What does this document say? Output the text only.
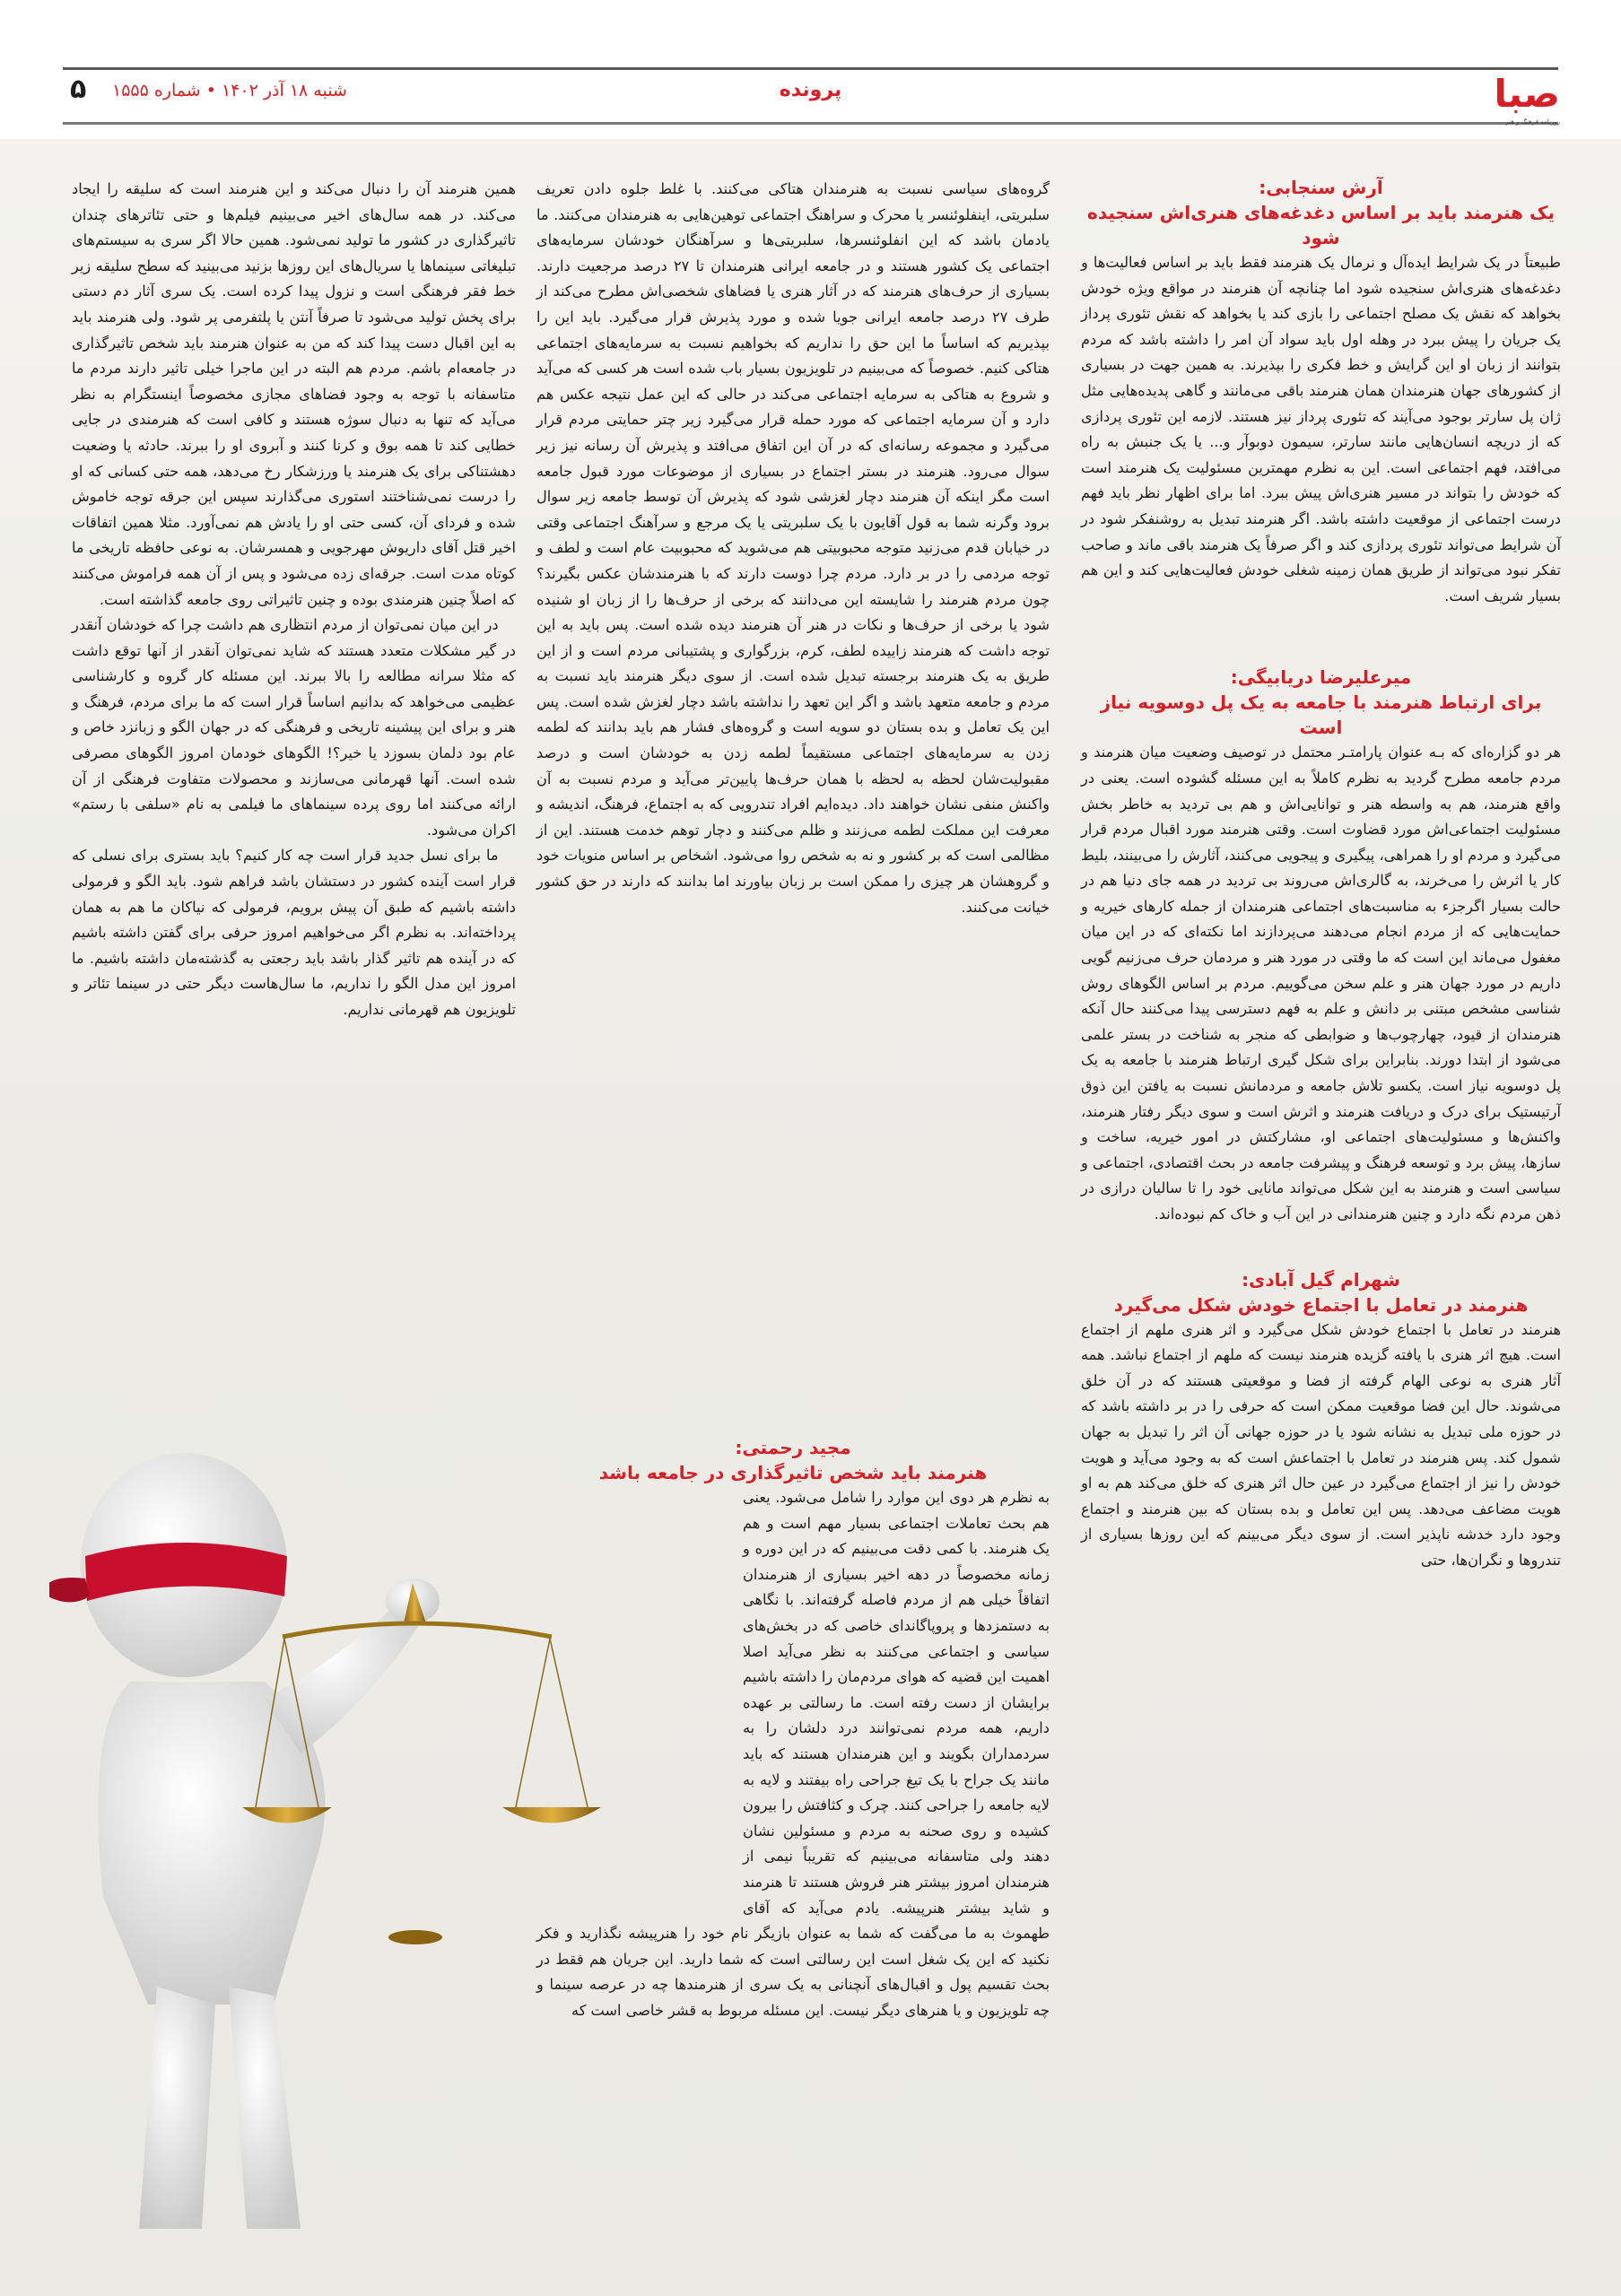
صبا
روزنامه فرهنگ و هنر
پرونده
شنبه ۱۸ آذر ۱۴۰۲ • شماره ۱۵۵۵
۵
آرش سنجابی:
یک هنرمند باید بر اساس دغدغه‌های هنری‌اش سنجیده شود

طبیعتاً در یک شرایط ایده‌آل و نرمال یک هنرمند فقط باید بر اساس فعالیت‌ها و دغدغه‌های هنری‌اش سنجیده شود اما چنانچه آن هنرمند در مواقع ویژه خودش بخواهد که نقش یک مصلح اجتماعی را بازی کند یا بخواهد که نقش تئوری پرداز یک جریان را پیش ببرد در وهله اول باید سواد آن امر را داشته باشد که مردم بتوانند از زبان او این گرایش و خط فکری را بپذیرند. به همین جهت در بسیاری از کشورهای جهان هنرمندان همان هنرمند باقی می‌مانند و گاهی پدیده‌هایی مثل ژان پل سارتر بوجود می‌آیند که تئوری پرداز نیز هستند. لازمه این تئوری پردازی که از دریچه انسان‌هایی مانند سارتر، سیمون دوبوآر و... یا یک جنبش به راه می‌افتد، فهم اجتماعی است. این به نظرم مهمترین مسئولیت یک هنرمند است که خودش را بتواند در مسیر هنری‌اش پیش ببرد. اما برای اظهار نظر باید فهم درست اجتماعی از موقعیت داشته باشد. اگر هنرمند تبدیل به روشنفکر شود در آن شرایط می‌تواند تئوری پردازی کند و اگر صرفاً یک هنرمند باقی ماند و صاحب تفکر نبود می‌تواند از طریق همان زمینه شغلی خودش فعالیت‌هایی کند و این هم بسیار شریف است.

میرعلیرضا دریابیگی:
برای ارتباط هنرمند با جامعه به یک پل دوسویه نیاز است

هر دو گزاره‌ای که بـه عنوان پارامتـر محتمل در توصیف وضعیت میان هنرمند و مردم جامعه مطرح گردید به نظرم کاملاً به این مسئله گشوده است. یعنی در واقع هنرمند، هم به واسطه هنر و توانایی‌اش و هم بی تردید به خاطر بخش مسئولیت اجتماعی‌اش مورد قضاوت است. وقتی هنرمند مورد اقبال مردم قرار می‌گیرد و مردم او را همراهی، پیگیری و پیجویی می‌کنند، آثارش را می‌بینند، بلیط کار یا اثرش را می‌خرند، به گالری‌اش می‌روند بی تردید در همه جای دنیا هم در حالت بسیار اگرجزء به مناسبت‌های اجتماعی هنرمندان از جمله کارهای خیریه و حمایت‌هایی که از مردم انجام می‌دهند می‌پردازند اما نکته‌ای که در این میان مغفول می‌ماند این است که ما وقتی در مورد هنر و مردمان حرف می‌زنیم گویی داریم در مورد جهان هنر و علم سخن می‌گوییم. مردم بر اساس الگوهای روش شناسی مشخص مبتنی بر دانش و علم به فهم دسترسی پیدا می‌کنند حال آنکه هنرمندان از قیود، چهارچوب‌ها و ضوابطی که منجر به شناخت در بستر علمی می‌شود از ابتدا دورند. بنابراین برای شکل گیری ارتباط هنرمند با جامعه به یک پل دوسویه نیاز است. یکسو تلاش جامعه و مردمانش نسبت به یافتن این ذوق آرتیستیک برای درک و دریافت هنرمند و اثرش است و سوی دیگر رفتار هنرمند، واکنش‌ها و مسئولیت‌های اجتماعی او، مشارکتش در امور خیریه، ساخت و سازها، پیش برد و توسعه فرهنگ و پیشرفت جامعه در بحث اقتصادی، اجتماعی و سیاسی است و هنرمند به این شکل می‌تواند مانایی خود را تا سالیان درازی در ذهن مردم نگه دارد و چنین هنرمندانی در این آب و خاک کم نبوده‌اند.

شهرام گیل آبادی:
هنرمند در تعامل با اجتماع خودش شکل می‌گیرد

هنرمند در تعامل با اجتماع خودش شکل می‌گیرد و اثر هنری ملهم از اجتماع است. هیچ اثر هنری با یافته گزیده هنرمند نیست که ملهم از اجتماع نباشد. همه آثار هنری به نوعی الهام گرفته از فضا و موقعیتی هستند که در آن خلق می‌شوند. حال این فضا موقعیت ممکن است که حرفی را در بر داشته باشد که در حوزه ملی تبدیل به نشانه شود یا در حوزه جهانی آن اثر را تبدیل به جهان شمول کند. پس هنرمند در تعامل با اجتماعش است که به وجود می‌آید و هویت خودش را نیز از اجتماع می‌گیرد در عین حال اثر هنری که خلق می‌کند هم به او هویت مضاعف می‌دهد. پس این تعامل و بده بستان که بین هنرمند و اجتماع وجود دارد خدشه ناپذیر است. از سوی دیگر می‌بینم که این روزها بسیاری از تندروها و نگران‌ها، حتی

گروه‌های سیاسی نسبت به هنرمندان هتاکی می‌کنند. با غلط جلوه دادن تعریف سلبریتی، اینفلوئنسر یا محرک و سراهنگ اجتماعی توهین‌هایی به هنرمندان می‌کنند. ما یادمان باشد که این انفلوئنسرها، سلبریتی‌ها و سرآهنگان خودشان سرمایه‌های اجتماعی یک کشور هستند و در جامعه ایرانی هنرمندان تا ۲۷ درصد مرجعیت دارند. بسیاری از حرف‌های هنرمند که در آثار هنری یا فضاهای شخصی‌اش مطرح می‌کند از طرف ۲۷ درصد جامعه ایرانی جویا شده و مورد پذیرش قرار می‌گیرد. باید این را بپذیریم که اساساً ما این حق را نداریم که بخواهیم نسبت به سرمایه‌های اجتماعی هتاکی کنیم. خصوصاً که می‌بینیم در تلویزیون بسیار باب شده است هر کسی که می‌آید و شروع به هتاکی به سرمایه اجتماعی می‌کند در حالی که این عمل نتیجه عکس هم دارد و آن سرمایه اجتماعی که مورد حمله قرار می‌گیرد زیر چتر حمایتی مردم قرار می‌گیرد و مجموعه رسانه‌ای که در آن این اتفاق می‌افتد و پذیرش آن رسانه نیز زیر سوال می‌رود. هنرمند در بستر اجتماع در بسیاری از موضوعات مورد قبول جامعه است مگر اینکه آن هنرمند دچار لغزشی شود که پذیرش آن توسط جامعه زیر سوال برود وگرنه شما به قول آقایون با یک سلبریتی یا یک مرجع و سرآهنگ اجتماعی وقتی در خیابان قدم می‌زنید متوجه محبوبیتی هم می‌شوید که محبوبیت عام است و لطف و توجه مردمی را در بر دارد. مردم چرا دوست دارند که با هنرمندشان عکس بگیرند؟ چون مردم هنرمند را شایسته این می‌دانند که برخی از حرف‌ها را از زبان او شنیده شود یا برخی از حرف‌ها و نکات در هنر آن هنرمند دیده شده است. پس باید به این توجه داشت که هنرمند زاییده لطف، کرم، بزرگواری و پشتیبانی مردم است و از این طریق به یک هنرمند برجسته تبدیل شده است. از سوی دیگر هنرمند باید نسبت به مردم و جامعه متعهد باشد و اگر این تعهد را نداشته باشد دچار لغزش شده است. پس این یک تعامل و بده بستان دو سویه است و گروه‌های فشار هم باید بدانند که لطمه زدن به سرمایه‌های اجتماعی مستقیماً لطمه زدن به خودشان است و درصد مقبولیت‌شان لحظه به لحظه با همان حرف‌ها پایین‌تر می‌آید و مردم نسبت به آن واکنش منفی نشان خواهند داد. دیده‌ایم افراد تندرویی که به اجتماع، فرهنگ، اندیشه و معرفت این مملکت لطمه می‌زنند و ظلم می‌کنند و دچار توهم خدمت هستند. این از مظالمی است که بر کشور و نه به شخص روا می‌شود. اشخاص بر اساس منویات خود و گروهشان هر چیزی را ممکن است بر زبان بیاورند اما بدانند که دارند در حق کشور خیانت می‌کنند.

مجید رحمتی:
هنرمند باید شخص تاثیرگذاری در جامعه باشد

به نظرم هر دوی این موارد را شامل می‌شود. یعنی هم بحث تعاملات اجتماعی بسیار مهم است و هم یک هنرمند. با کمی دقت می‌بینیم که در این دوره و زمانه مخصوصاً در دهه اخیر بسیاری از هنرمندان اتفاقاً خیلی هم از مردم فاصله گرفته‌اند. با نگاهی به دستمزدها و پروپاگاندای خاصی که در بخش‌های سیاسی و اجتماعی می‌کنند به نظر می‌آید اصلا اهمیت این قضیه که هوای مردم‌مان را داشته باشیم برایشان از دست رفته است. ما رسالتی بر عهده داریم، همه مردم نمی‌توانند درد دلشان را به سردمداران بگویند و این هنرمندان هستند که باید مانند یک جراح با یک تیغ جراحی راه بیفتند و لایه به لایه جامعه را جراحی کنند. چرک و کثافتش را بیرون کشیده و روی صحنه به مردم و مسئولین نشان دهند ولی متاسفانه می‌بینیم که تقریباً نیمی از هنرمندان امروز بیشتر هنر فروش هستند تا هنرمند و شاید بیشتر هنرپیشه. یادم می‌آید که آقای طهموث به ما می‌گفت که شما به عنوان بازیگر نام خود را هنرپیشه نگذارید و فکر نکنید که این یک شغل است این رسالتی است که شما دارید. این جریان هم فقط در بحث تقسیم پول و اقبال‌های آنچنانی به یک سری از هنرمندها چه در عرصه سینما و چه تلویزیون و یا هنرهای دیگر نیست. این مسئله مربوط به قشر خاصی است که

همین هنرمند آن را دنبال می‌کند و این هنرمند است که سلیقه را ایجاد می‌کند. در همه سال‌های اخیر می‌بینیم فیلم‌ها و حتی تئاترهای چندان تاثیرگذاری در کشور ما تولید نمی‌شود. همین حالا اگر سری به سیستم‌های تبلیغاتی سینماها یا سریال‌های این روزها بزنید می‌بینید که سطح سلیقه زیر خط فقر فرهنگی است و نزول پیدا کرده است. یک سری آثار دم دستی برای پخش تولید می‌شود تا صرفاً آنتن یا پلتفرمی پر شود. ولی هنرمند باید به این اقبال دست پیدا کند که من به عنوان هنرمند باید شخص تاثیرگذاری در جامعه‌ام باشم. مردم هم البته در این ماجرا خیلی تاثیر دارند مردم ما متاسفانه با توجه به وجود فضاهای مجازی مخصوصاً اینستگرام به نظر می‌آید که تنها به دنبال سوژه هستند و کافی است که هنرمندی در جایی خطایی کند تا همه بوق و کرنا کنند و آبروی او را ببرند. حادثه یا وضعیت دهشتناکی برای یک هنرمند یا ورزشکار رخ می‌دهد، همه حتی کسانی که او را درست نمی‌شناختند استوری می‌گذارند سپس این جرقه توجه خاموش شده و فردای آن، کسی حتی او را یادش هم نمی‌آورد. مثلا همین اتفاقات اخیر قتل آقای داریوش مهرجویی و همسرشان. به نوعی حافظه تاریخی ما کوتاه مدت است. جرقه‌ای زده می‌شود و پس از آن همه فراموش می‌کنند که اصلاً چنین هنرمندی بوده و چنین تاثیراتی روی جامعه گذاشته است.

در این میان نمی‌توان از مردم انتظاری هم داشت چرا که خودشان آنقدر در گیر مشکلات متعدد هستند که شاید نمی‌توان آنقدر از آنها توقع داشت که مثلا سرانه مطالعه را بالا ببرند. این مسئله کار گروه و کارشناسی عظیمی می‌خواهد که بدانیم اساساً قرار است که ما برای مردم، فرهنگ و هنر و برای این پیشینه تاریخی و فرهنگی که در جهان الگو و زبانزد خاص و عام بود دلمان بسوزد یا خیر؟! الگوهای خودمان امروز الگوهای مصرفی شده است. آنها قهرمانی می‌سازند و محصولات متفاوت فرهنگی از آن ارائه می‌کنند اما روی پرده سینماهای ما فیلمی به نام «سلفی با رستم» اکران می‌شود.

ما برای نسل جدید قرار است چه کار کنیم؟ باید بستری برای نسلی که قرار است آینده کشور در دستشان باشد فراهم شود. باید الگو و فرمولی داشته باشیم که طبق آن پیش برویم، فرمولی که نیاکان ما هم به همان پرداخته‌اند. به نظرم اگر می‌خواهیم امروز حرفی برای گفتن داشته باشیم که در آینده هم تاثیر گذار باشد باید رجعتی به گذشته‌مان داشته باشیم. ما امروز این مدل الگو را نداریم، ما سال‌هاست دیگر حتی در سینما تئاتر و تلویزیون هم قهرمانی نداریم.
